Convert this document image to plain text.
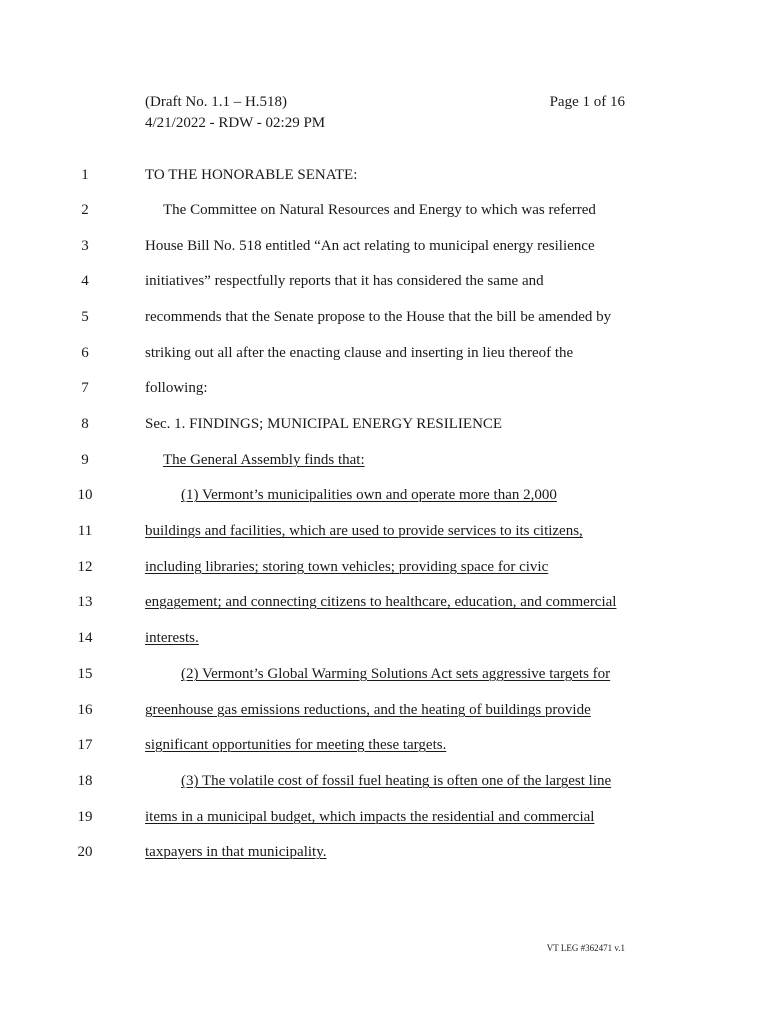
(Draft No. 1.1 – H.518)
4/21/2022 - RDW - 02:29 PM
Page 1 of 16
1	TO THE HONORABLE SENATE:
2	The Committee on Natural Resources and Energy to which was referred
3	House Bill No. 518 entitled “An act relating to municipal energy resilience
4	initiatives” respectfully reports that it has considered the same and
5	recommends that the Senate propose to the House that the bill be amended by
6	striking out all after the enacting clause and inserting in lieu thereof the
7	following:
8	Sec. 1. FINDINGS; MUNICIPAL ENERGY RESILIENCE
9	The General Assembly finds that:
10	(1) Vermont’s municipalities own and operate more than 2,000
11	buildings and facilities, which are used to provide services to its citizens,
12	including libraries; storing town vehicles; providing space for civic
13	engagement; and connecting citizens to healthcare, education, and commercial
14	interests.
15	(2) Vermont’s Global Warming Solutions Act sets aggressive targets for
16	greenhouse gas emissions reductions, and the heating of buildings provide
17	significant opportunities for meeting these targets.
18	(3) The volatile cost of fossil fuel heating is often one of the largest line
19	items in a municipal budget, which impacts the residential and commercial
20	taxpayers in that municipality.
VT LEG #362471 v.1
